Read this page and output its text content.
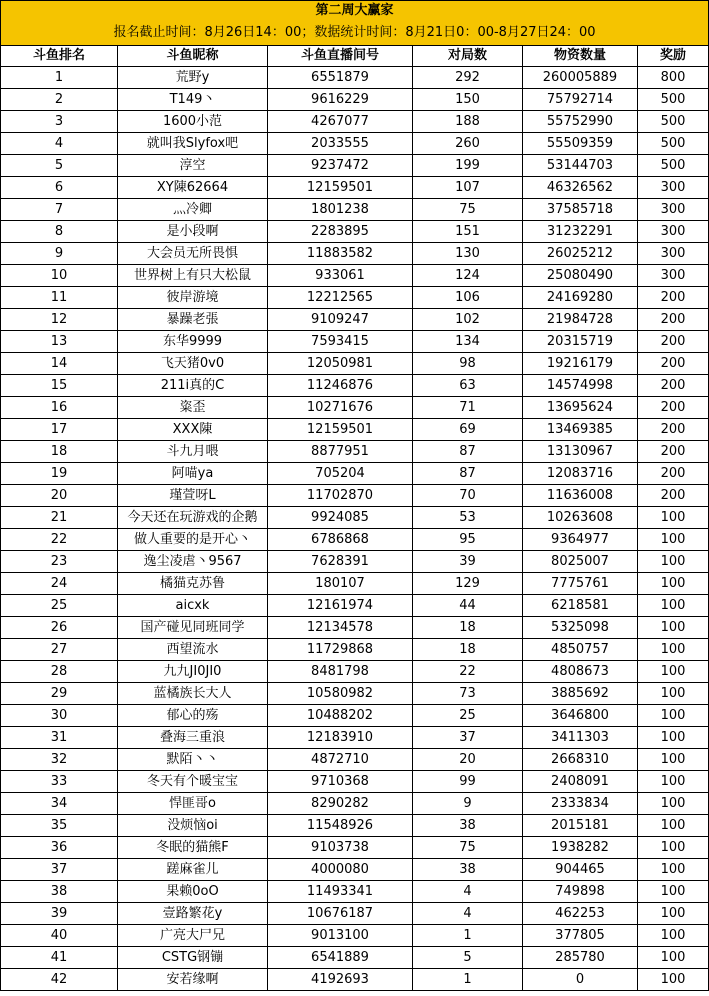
第二周大赢家					
报名截止时间：8月26日14：00；数据统计时间：8月21日0：00-8月27日24：00					
斗鱼排名	斗鱼昵称	斗鱼直播间号	对局数	物资数量	奖励
1	荒野y	6551879	292	260005889	800
2	T149丶	9616229	150	75792714	500
3	1600小范	4267077	188	55752990	500
4	就叫我Slyfox吧	2033555	260	55509359	500
5	淳空	9237472	199	53144703	500
6	XY陳62664	12159501	107	46326562	300
7	灬冷卿	1801238	75	37585718	300
8	是小段啊	2283895	151	31232291	300
9	大会员无所畏惧	11883582	130	26025212	300
10	世界树上有只大松鼠	933061	124	25080490	300
11	彼岸游境	12212565	106	24169280	200
12	暴躁老張	9109247	102	21984728	200
13	东华9999	7593415	134	20315719	200
14	飞天猪0v0	12050981	98	19216179	200
15	211i真的C	11246876	63	14574998	200
16	粢歪	10271676	71	13695624	200
17	XXX陳	12159501	69	13469385	200
18	斗九月喂	8877951	87	13130967	200
19	阿喵ya	705204	87	12083716	200
20	瑾萱呀L	11702870	70	11636008	200
21	今天还在玩游戏的企鹅	9924085	53	10263608	100
22	做人重要的是开心丶	6786868	95	9364977	100
23	逸尘凌虐丶9567	7628391	39	8025007	100
24	橘猫克苏鲁	180107	129	7775761	100
25	aicxk	12161974	44	6218581	100
26	国产碰见同班同学	12134578	18	5325098	100
27	西望流水	11729868	18	4850757	100
28	九九JI0JI0	8481798	22	4808673	100
29	蓝橘族长大人	10580982	73	3885692	100
30	郁心的殇	10488202	25	3646800	100
31	叠海三重浪	12183910	37	3411303	100
32	默陌丶丶	4872710	20	2668310	100
33	冬天有个暖宝宝	9710368	99	2408091	100
34	悍匪哥o	8290282	9	2333834	100
35	没烦恼oi	11548926	38	2015181	100
36	冬眠的猫熊F	9103738	75	1938282	100
37	蹉麻雀儿	4000080	38	904465	100
38	果赖0oO	11493341	4	749898	100
39	壹路繁花y	10676187	4	462253	100
40	广亮大尸兄	9013100	1	377805	100
41	CSTG钢镚	6541889	5	285780	100
42	安若缘啊	4192693	1	0	100
